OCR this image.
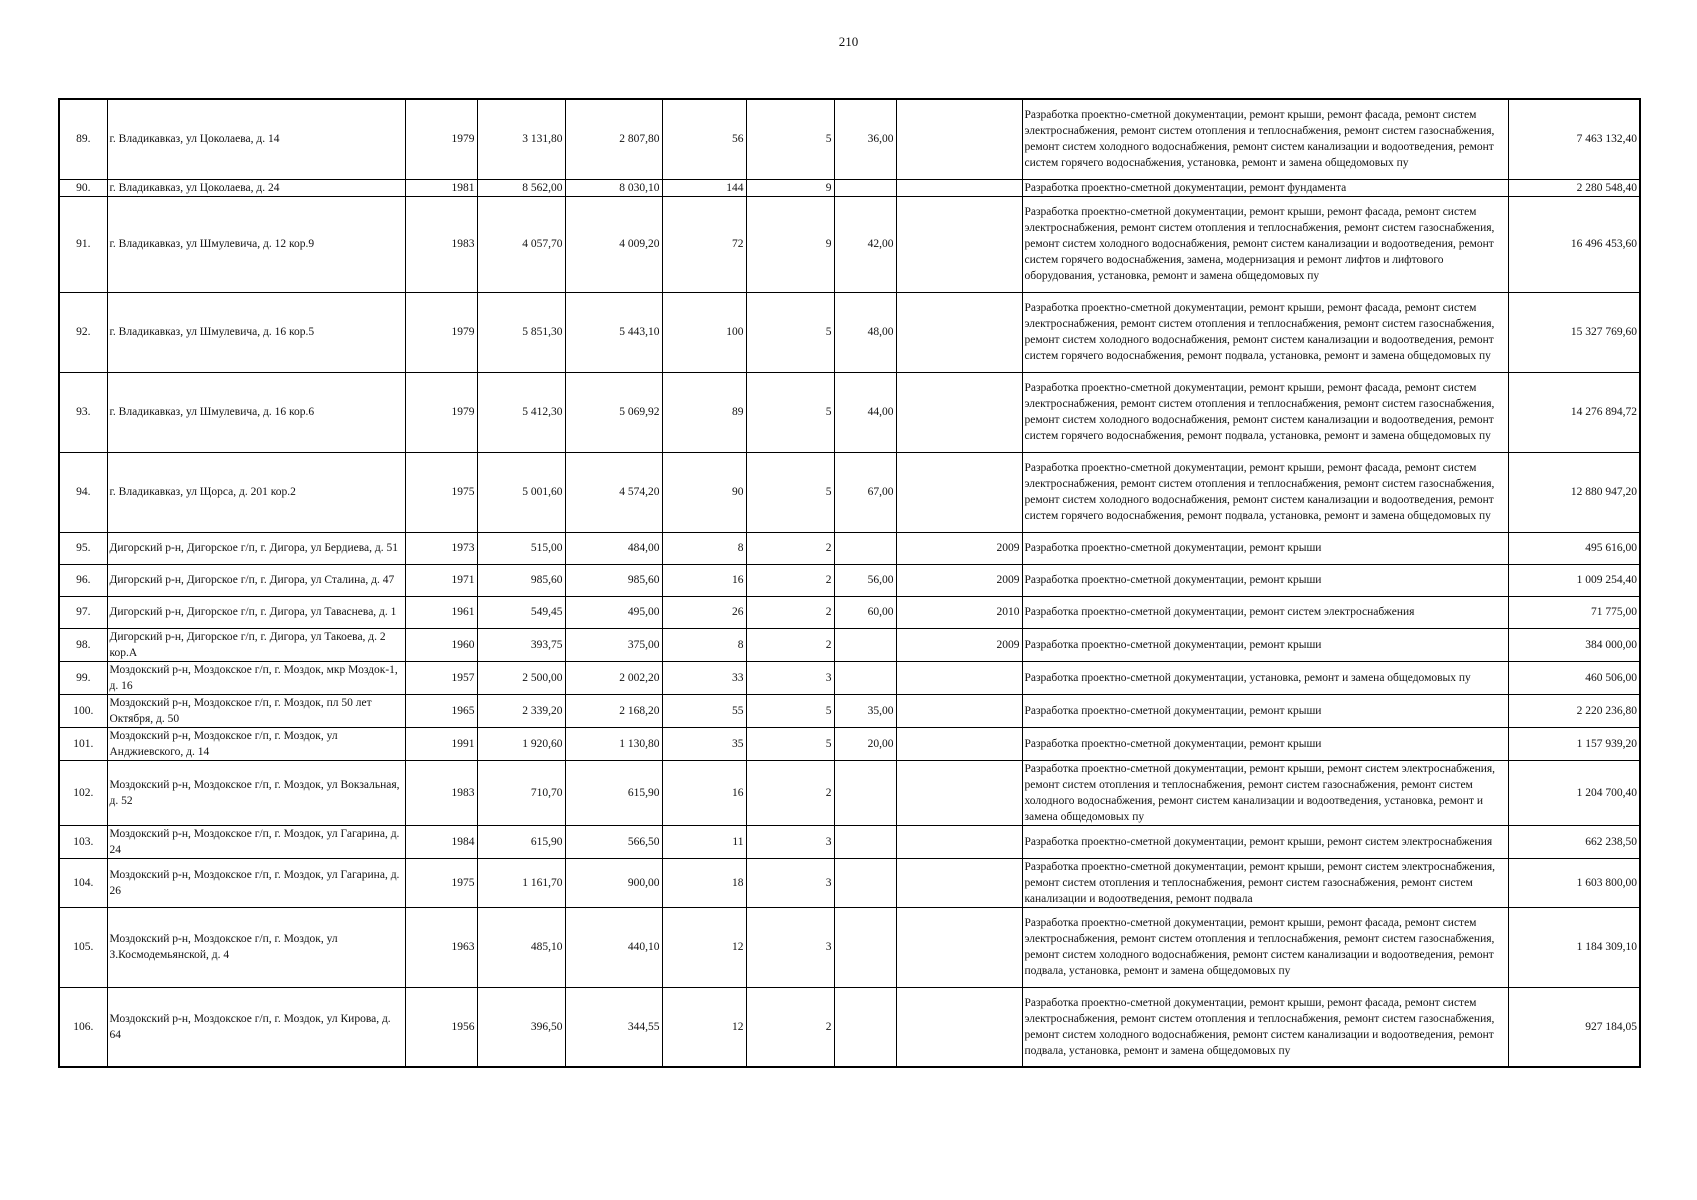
210
89.	г. Владикавказ, ул Цоколаева, д. 14	1979	3 131,80	2 807,80	56	5	36,00		Разработка проектно-сметной документации, ремонт крыши, ремонт фасада, ремонт систем электроснабжения, ремонт систем отопления и теплоснабжения, ремонт систем газоснабжения, ремонт систем холодного водоснабжения, ремонт систем канализации и водоотведения, ремонт систем горячего водоснабжения, установка, ремонт и замена общедомовых пу	7 463 132,40
90.	г. Владикавказ, ул Цоколаева, д. 24	1981	8 562,00	8 030,10	144	9			Разработка проектно-сметной документации, ремонт фундамента	2 280 548,40
91.	г. Владикавказ, ул Шмулевича, д. 12 кор.9	1983	4 057,70	4 009,20	72	9	42,00		Разработка проектно-сметной документации, ремонт крыши, ремонт фасада, ремонт систем электроснабжения, ремонт систем отопления и теплоснабжения, ремонт систем газоснабжения, ремонт систем холодного водоснабжения, ремонт систем канализации и водоотведения, ремонт систем горячего водоснабжения, замена, модернизация и ремонт лифтов и лифтового оборудования, установка, ремонт и замена общедомовых пу	16 496 453,60
92.	г. Владикавказ, ул Шмулевича, д. 16 кор.5	1979	5 851,30	5 443,10	100	5	48,00		Разработка проектно-сметной документации, ремонт крыши, ремонт фасада, ремонт систем электроснабжения, ремонт систем отопления и теплоснабжения, ремонт систем газоснабжения, ремонт систем холодного водоснабжения, ремонт систем канализации и водоотведения, ремонт систем горячего водоснабжения, ремонт подвала, установка, ремонт и замена общедомовых пу	15 327 769,60
93.	г. Владикавказ, ул Шмулевича, д. 16 кор.6	1979	5 412,30	5 069,92	89	5	44,00		Разработка проектно-сметной документации, ремонт крыши, ремонт фасада, ремонт систем электроснабжения, ремонт систем отопления и теплоснабжения, ремонт систем газоснабжения, ремонт систем холодного водоснабжения, ремонт систем канализации и водоотведения, ремонт систем горячего водоснабжения, ремонт подвала, установка, ремонт и замена общедомовых пу	14 276 894,72
94.	г. Владикавказ, ул Щорса, д. 201 кор.2	1975	5 001,60	4 574,20	90	5	67,00		Разработка проектно-сметной документации, ремонт крыши, ремонт фасада, ремонт систем электроснабжения, ремонт систем отопления и теплоснабжения, ремонт систем газоснабжения, ремонт систем холодного водоснабжения, ремонт систем канализации и водоотведения, ремонт систем горячего водоснабжения, ремонт подвала, установка, ремонт и замена общедомовых пу	12 880 947,20
95.	Дигорский р-н, Дигорское г/п, г. Дигора, ул Бердиева, д. 51	1973	515,00	484,00	8	2		2009	Разработка проектно-сметной документации, ремонт крыши	495 616,00
96.	Дигорский р-н, Дигорское г/п, г. Дигора, ул Сталина, д. 47	1971	985,60	985,60	16	2	56,00	2009	Разработка проектно-сметной документации, ремонт крыши	1 009 254,40
97.	Дигорский р-н, Дигорское г/п, г. Дигора, ул Таваснева, д. 1	1961	549,45	495,00	26	2	60,00	2010	Разработка проектно-сметной документации, ремонт систем электроснабжения	71 775,00
98.	Дигорский р-н, Дигорское г/п, г. Дигора, ул Такоева, д. 2 кор.А	1960	393,75	375,00	8	2		2009	Разработка проектно-сметной документации, ремонт крыши	384 000,00
99.	Моздокский р-н, Моздокское г/п, г. Моздок, мкр Моздок-1, д. 16	1957	2 500,00	2 002,20	33	3			Разработка проектно-сметной документации, установка, ремонт и замена общедомовых пу	460 506,00
100.	Моздокский р-н, Моздокское г/п, г. Моздок, пл 50 лет Октября, д. 50	1965	2 339,20	2 168,20	55	5	35,00		Разработка проектно-сметной документации, ремонт крыши	2 220 236,80
101.	Моздокский р-н, Моздокское г/п, г. Моздок, ул Анджиевского, д. 14	1991	1 920,60	1 130,80	35	5	20,00		Разработка проектно-сметной документации, ремонт крыши	1 157 939,20
102.	Моздокский р-н, Моздокское г/п, г. Моздок, ул Вокзальная, д. 52	1983	710,70	615,90	16	2			Разработка проектно-сметной документации, ремонт крыши, ремонт систем электроснабжения, ремонт систем отопления и теплоснабжения, ремонт систем газоснабжения, ремонт систем холодного водоснабжения, ремонт систем канализации и водоотведения, установка, ремонт и замена общедомовых пу	1 204 700,40
103.	Моздокский р-н, Моздокское г/п, г. Моздок, ул Гагарина, д. 24	1984	615,90	566,50	11	3			Разработка проектно-сметной документации, ремонт крыши, ремонт систем электроснабжения	662 238,50
104.	Моздокский р-н, Моздокское г/п, г. Моздок, ул Гагарина, д. 26	1975	1 161,70	900,00	18	3			Разработка проектно-сметной документации, ремонт крыши, ремонт систем электроснабжения, ремонт систем отопления и теплоснабжения, ремонт систем газоснабжения, ремонт систем канализации и водоотведения, ремонт подвала	1 603 800,00
105.	Моздокский р-н, Моздокское г/п, г. Моздок, ул З.Космодемьянской, д. 4	1963	485,10	440,10	12	3			Разработка проектно-сметной документации, ремонт крыши, ремонт фасада, ремонт систем электроснабжения, ремонт систем отопления и теплоснабжения, ремонт систем газоснабжения, ремонт систем холодного водоснабжения, ремонт систем канализации и водоотведения, ремонт подвала, установка, ремонт и замена общедомовых пу	1 184 309,10
106.	Моздокский р-н, Моздокское г/п, г. Моздок, ул Кирова, д. 64	1956	396,50	344,55	12	2			Разработка проектно-сметной документации, ремонт крыши, ремонт фасада, ремонт систем электроснабжения, ремонт систем отопления и теплоснабжения, ремонт систем газоснабжения, ремонт систем холодного водоснабжения, ремонт систем канализации и водоотведения, ремонт подвала, установка, ремонт и замена общедомовых пу	927 184,05
